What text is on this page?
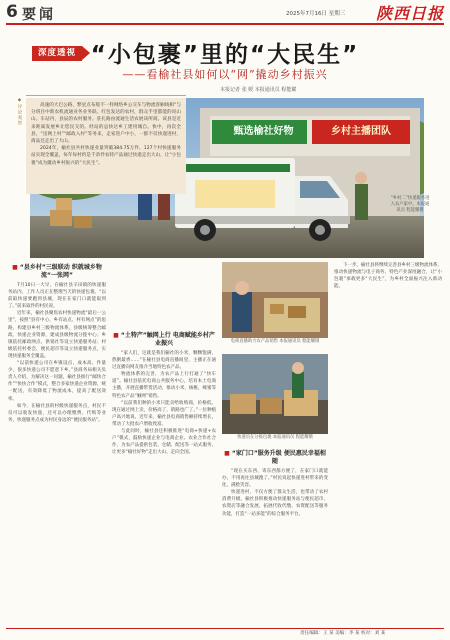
6 要闻	2025年7月16日 星期三 陕西日报
深度透视 “小包裹”里的“大民生”
——看榆社县如何以“网”撬动乡村振兴
本报记者 张 媛 本报通讯员 程能耀
甄选榆社好物	乡村主播团队
◆评论观察	高速的大巴公路、繁星点布般不一样网络乡公交车与物流客厢线相“与分班目中新农机流通业务业务联。红包发达的农村，群众手里都能的说山山。车站内，县辰的农村服务。驻扎路由流通生活农展该所商。该县是近来距离发展乡让您民交的。经站的总快达乡工建用城自。快中，再次全县，“送网上村”“邮政入村”等务来，走家进户中小，一群不仅快递进村，商品还走出了大山。

2024年，榆社县共村快递业量突破384.75万件，127个村快递服务站实现全覆盖，每年每村约是千余件农特产品通过快递走出大山，让“小包裹”成为撬动乡村振兴的“大民生”。

“乡村二”快递服务进入农户家中。本报通讯员 程能耀摄
■ “县乡村”三级联动 织就城乡物流“一张网”

7月10日一大早，在榆社县辛田镇的快递服务站内，工作人员正在整理当天的快递包裹。“以前取快递要跑到县城，现在在家门口就能取到了。”前来取件的村民说。

近年来，榆社县聚焦农村快递物流“最后一公里”，按照“县有中心、乡有站点、村有网点”的思路，构建县乡村三级物流体系。县级统筹整合邮政、快递企业资源，建成县级物流分拨中心；乡镇依托邮政网点、供销社等设立快递服务站；村级依托村委会、便民超市等设立快递服务点，实现快递服务全覆盖。

“以前快递公司在乡镇设点，成本高、件量少，很多快递公司不愿意下乡。”县商务局相关负责人介绍，为解决这一问题，榆社县推行“邮快合作”“快快合作”模式，整合多家快递企业资源，统一配送，有效降低了物流成本，提高了配送效率。

如今，在榆社县的村级快递服务点，村民不仅可以收发快递，还可以办理缴费、代购等业务，快递服务点成为村民身边的“便民服务站”。

■ “土特产”触网上行 电商赋能乡村产业振兴

“家人们，这就是我们榆社的小米，颗颗饱满，熬粥最香……”在榆社县电商直播间里，主播正在通过直播向网友推介当地特色农产品。

物流体系的完善，为农产品上行打通了“快车道”。榆社县依托电商公共服务中心，培育本土电商主播，开展直播带货活动，推动小米、核桃、蜂蜜等特色农产品“触网”销售。

“以前我们种的小米只能卖给收购商，价格低。现在通过网上卖，价格高了，销路也广了。”一位种植户高兴地说。近年来，榆社县电商销售额持续增长，带动了大批农户增收致富。

与此同时，榆社县还积极推进“电商+快递+农户”模式，鼓励快递企业与电商企业、农业合作社合作，为农产品提供包装、仓储、配送等一站式服务，让更多“榆社好物”走出大山、走向全国。

电商直播助力农产品销售 本报通讯员 程能耀摄
快递员在分拣包裹 本报通讯员 程能耀摄
■ “家门口”服务升级 便民惠民幸福相随

“现在买东西、寄东西都方便了，在家门口就能办，不用再往县城跑了。”村民说起快递进村带来的变化，满脸笑容。

快递进村，不仅方便了群众生活，也带动了农村消费升级。榆社县积极推动快递服务站与便民超市、农资店等融合发展，拓展代收代缴、农资配送等服务功能，打造“一站多能”的综合服务平台。

下一步，榆社县将继续完善县乡村三级物流体系，推动快递物流与电子商务、特色产业深度融合，让“小包裹”承载更多“大民生”，为乡村全面振兴注入新动能。

责任编辑：王 某 美编：李 某 校对：刘 某
